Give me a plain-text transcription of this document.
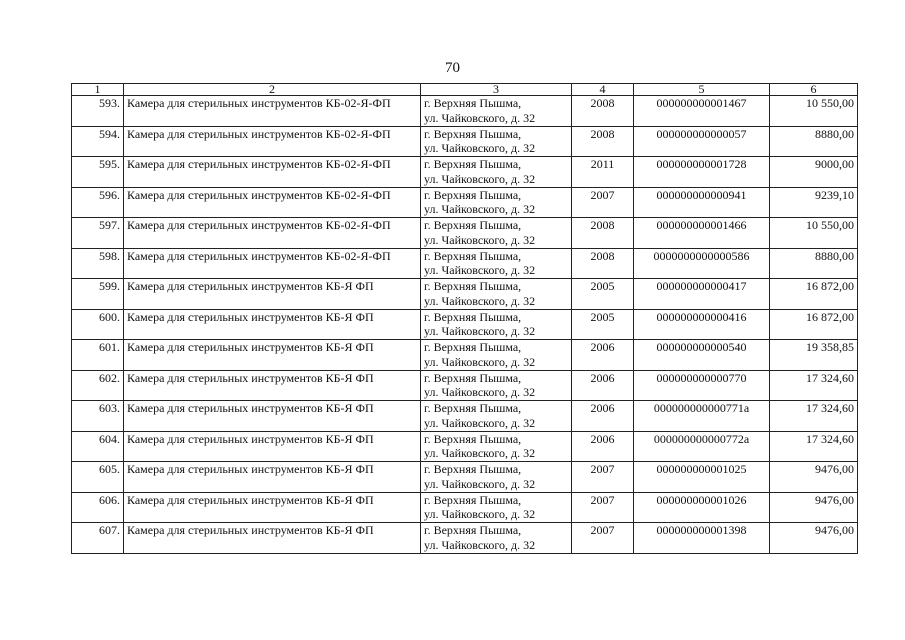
70
1	2	3	4	5	6
593.	Камера для стерильных инструментов КБ-02-Я-ФП	г. Верхняя Пышма,
ул. Чайковского, д. 32	2008	000000000001467	10 550,00
594.	Камера для стерильных инструментов КБ-02-Я-ФП	г. Верхняя Пышма,
ул. Чайковского, д. 32	2008	000000000000057	8880,00
595.	Камера для стерильных инструментов КБ-02-Я-ФП	г. Верхняя Пышма,
ул. Чайковского, д. 32	2011	000000000001728	9000,00
596.	Камера для стерильных инструментов КБ-02-Я-ФП	г. Верхняя Пышма,
ул. Чайковского, д. 32	2007	000000000000941	9239,10
597.	Камера для стерильных инструментов КБ-02-Я-ФП	г. Верхняя Пышма,
ул. Чайковского, д. 32	2008	000000000001466	10 550,00
598.	Камера для стерильных инструментов КБ-02-Я-ФП	г. Верхняя Пышма,
ул. Чайковского, д. 32	2008	0000000000000586	8880,00
599.	Камера для стерильных инструментов КБ-Я ФП	г. Верхняя Пышма,
ул. Чайковского, д. 32	2005	000000000000417	16 872,00
600.	Камера для стерильных инструментов КБ-Я ФП	г. Верхняя Пышма,
ул. Чайковского, д. 32	2005	000000000000416	16 872,00
601.	Камера для стерильных инструментов КБ-Я ФП	г. Верхняя Пышма,
ул. Чайковского, д. 32	2006	000000000000540	19 358,85
602.	Камера для стерильных инструментов КБ-Я ФП	г. Верхняя Пышма,
ул. Чайковского, д. 32	2006	000000000000770	17 324,60
603.	Камера для стерильных инструментов КБ-Я ФП	г. Верхняя Пышма,
ул. Чайковского, д. 32	2006	000000000000771a	17 324,60
604.	Камера для стерильных инструментов КБ-Я ФП	г. Верхняя Пышма,
ул. Чайковского, д. 32	2006	000000000000772a	17 324,60
605.	Камера для стерильных инструментов КБ-Я ФП	г. Верхняя Пышма,
ул. Чайковского, д. 32	2007	000000000001025	9476,00
606.	Камера для стерильных инструментов КБ-Я ФП	г. Верхняя Пышма,
ул. Чайковского, д. 32	2007	000000000001026	9476,00
607.	Камера для стерильных инструментов КБ-Я ФП	г. Верхняя Пышма,
ул. Чайковского, д. 32	2007	000000000001398	9476,00
